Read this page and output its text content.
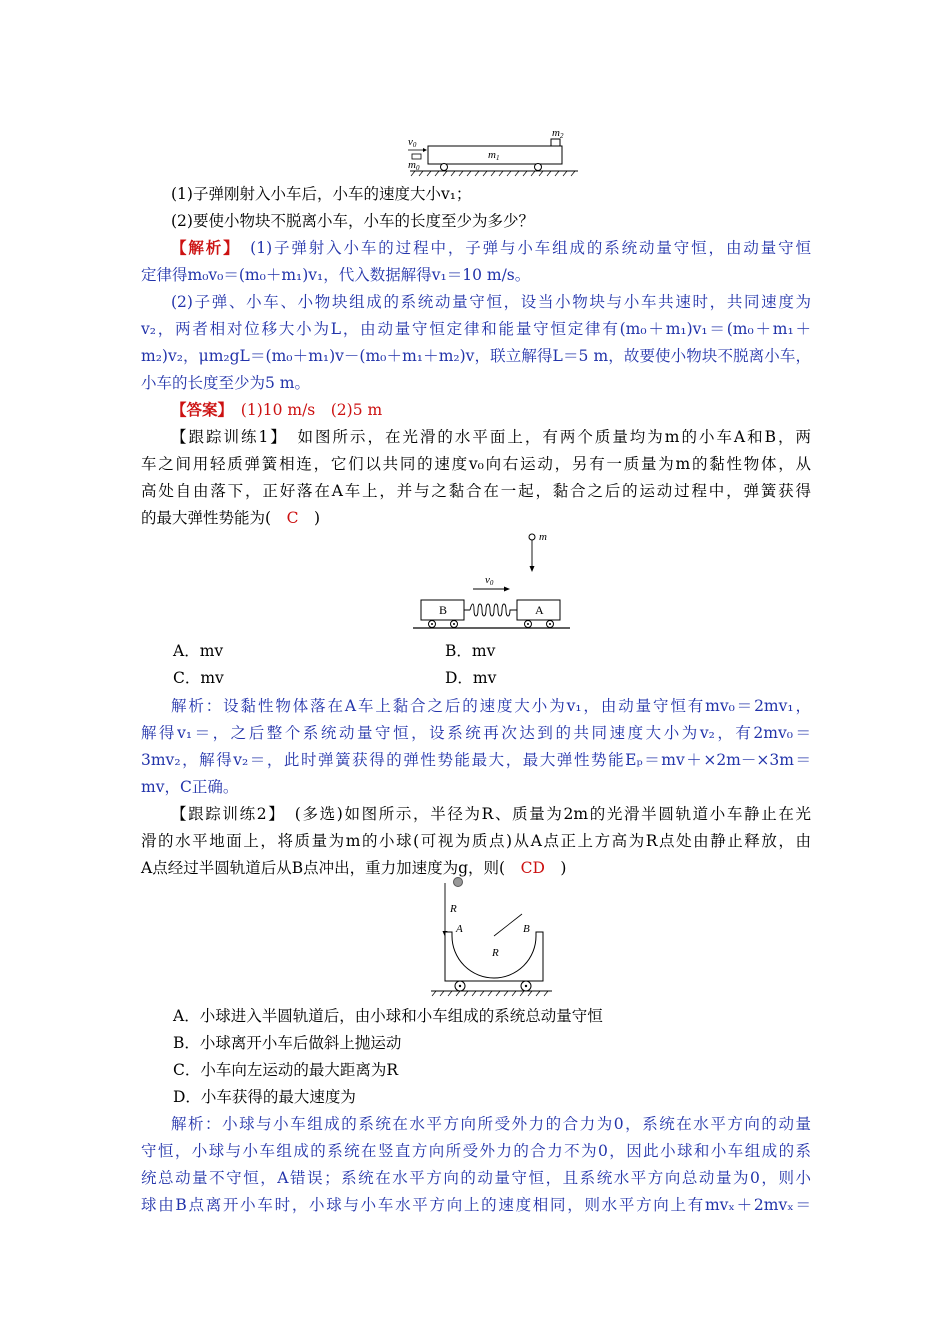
v0
m0
m1
m2
(1)子弹刚射入小车后，小车的速度大小v₁；
(2)要使小物块不脱离小车，小车的长度至少为多少？
【解析】　 (1)子弹射入小车的过程中，子弹与小车组成的系统动量守恒，由动量守恒
定律得m₀v₀＝(m₀＋m₁)v₁，代入数据解得v₁＝10 m/s。
(2)子弹、小车、小物块组成的系统动量守恒，设当小物块与小车共速时，共同速度为
v₂，两者相对位移大小为L，由动量守恒定律和能量守恒定律有(m₀＋m₁)v₁＝(m₀＋m₁＋
m₂)v₂，μm₂gL＝(m₀＋m₁)v－(m₀＋m₁＋m₂)v，联立解得L＝5 m，故要使小物块不脱离小车，
小车的长度至少为5 m。
【答案】　 (1)10 m/s　(2)5 m
【跟踪训练1】　 如图所示，在光滑的水平面上，有两个质量均为m的小车A和B，两
车之间用轻质弹簧相连，它们以共同的速度v₀向右运动，另有一质量为m的黏性物体，从
高处自由落下，正好落在A车上，并与之黏合在一起，黏合之后的运动过程中，弹簧获得
的最大弹性势能为(　 C　 )
m
v0
B	A
A．mv	B．mv
C．mv	D．mv
解析：设黏性物体落在A车上黏合之后的速度大小为v₁，由动量守恒有mv₀＝2mv₁，
解得v₁＝，之后整个系统动量守恒，设系统再次达到的共同速度大小为v₂，有2mv₀＝
3mv₂，解得v₂＝，此时弹簧获得的弹性势能最大，最大弹性势能Eₚ＝mv＋×2m－×3m＝
mv，C正确。
【跟踪训练2】　 (多选)如图所示，半径为R、质量为2m的光滑半圆轨道小车静止在光
滑的水平地面上，将质量为m的小球(可视为质点)从A点正上方高为R点处由静止释放，由
A点经过半圆轨道后从B点冲出，重力加速度为g，则(　 CD　 )
R
A	B
R
A．小球进入半圆轨道后，由小球和小车组成的系统总动量守恒
B．小球离开小车后做斜上抛运动
C．小车向左运动的最大距离为R
D．小车获得的最大速度为
解析：小球与小车组成的系统在水平方向所受外力的合力为0，系统在水平方向的动量
守恒，小球与小车组成的系统在竖直方向所受外力的合力不为0，因此小球和小车组成的系
统总动量不守恒，A错误；系统在水平方向的动量守恒，且系统水平方向总动量为0，则小
球由B点离开小车时，小球与小车水平方向上的速度相同，则水平方向上有mvₓ＋2mvₓ＝
